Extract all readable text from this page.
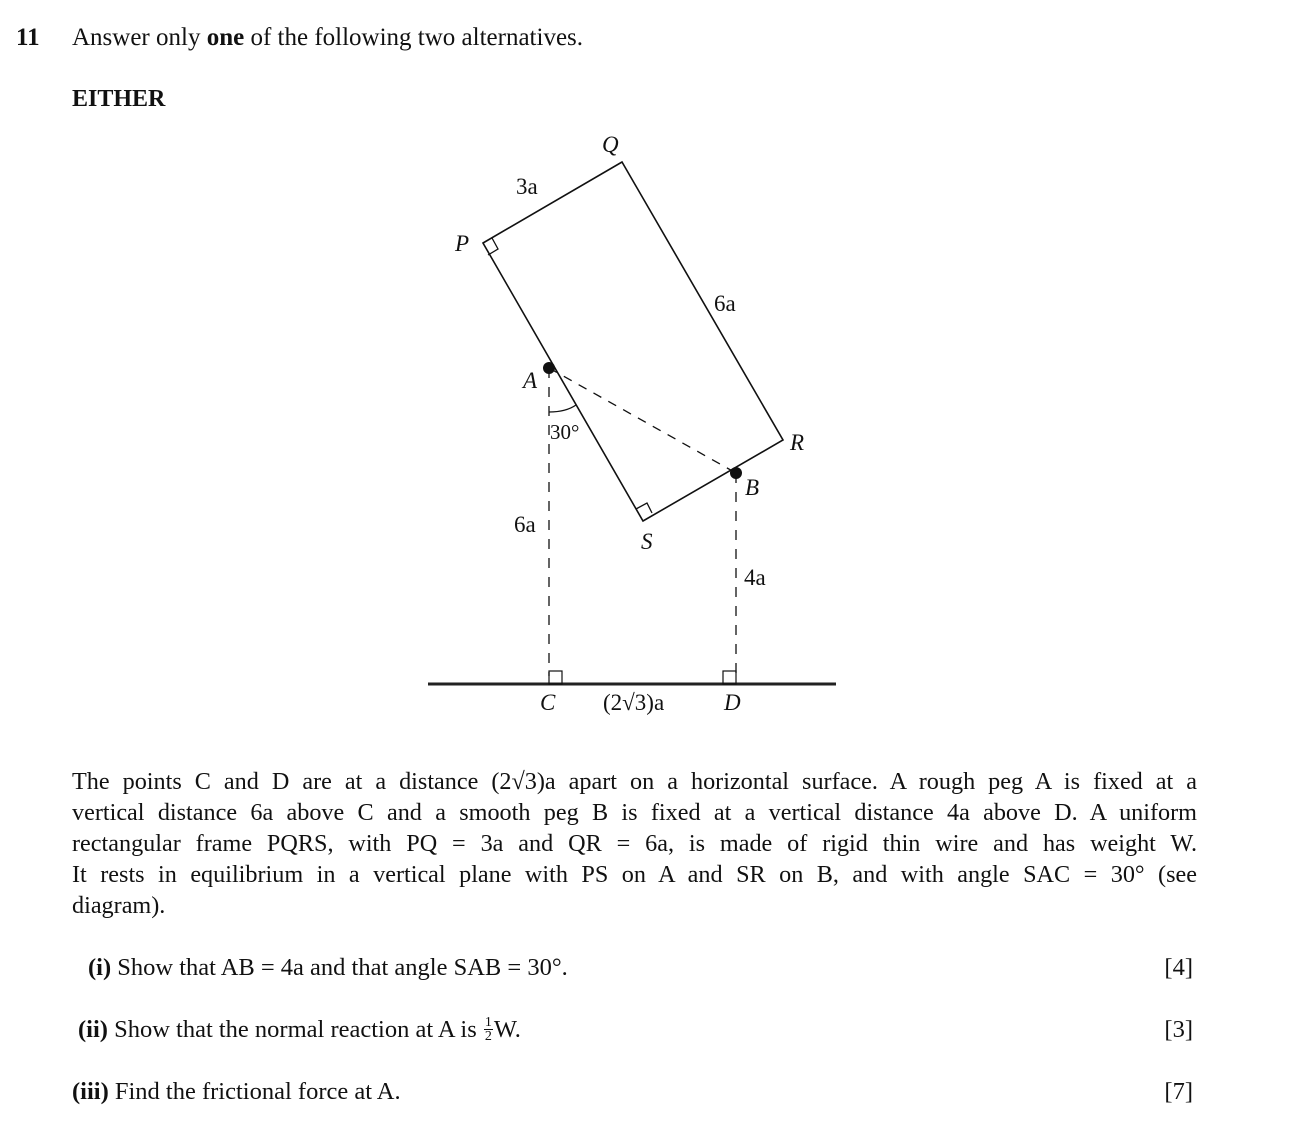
11 Answer only one of the following two alternatives.
EITHER
P
Q
R
S
A
B
C	D
3a
6a
6a
4a
(2√3)a
30°
The points C and D are at a distance (2√3)a apart on a horizontal surface. A rough peg A is fixed at a
vertical distance 6a above C and a smooth peg B is fixed at a vertical distance 4a above D. A uniform
rectangular frame PQRS, with PQ = 3a and QR = 6a, is made of rigid thin wire and has weight W.
It rests in equilibrium in a vertical plane with PS on A and SR on B, and with angle SAC = 30° (see
diagram).
(i) Show that AB = 4a and that angle SAB = 30°.	[4]
(ii) Show that the normal reaction at A is $\frac{1}{2} W$.	[3]
(iii) Find the frictional force at A.	[7]
